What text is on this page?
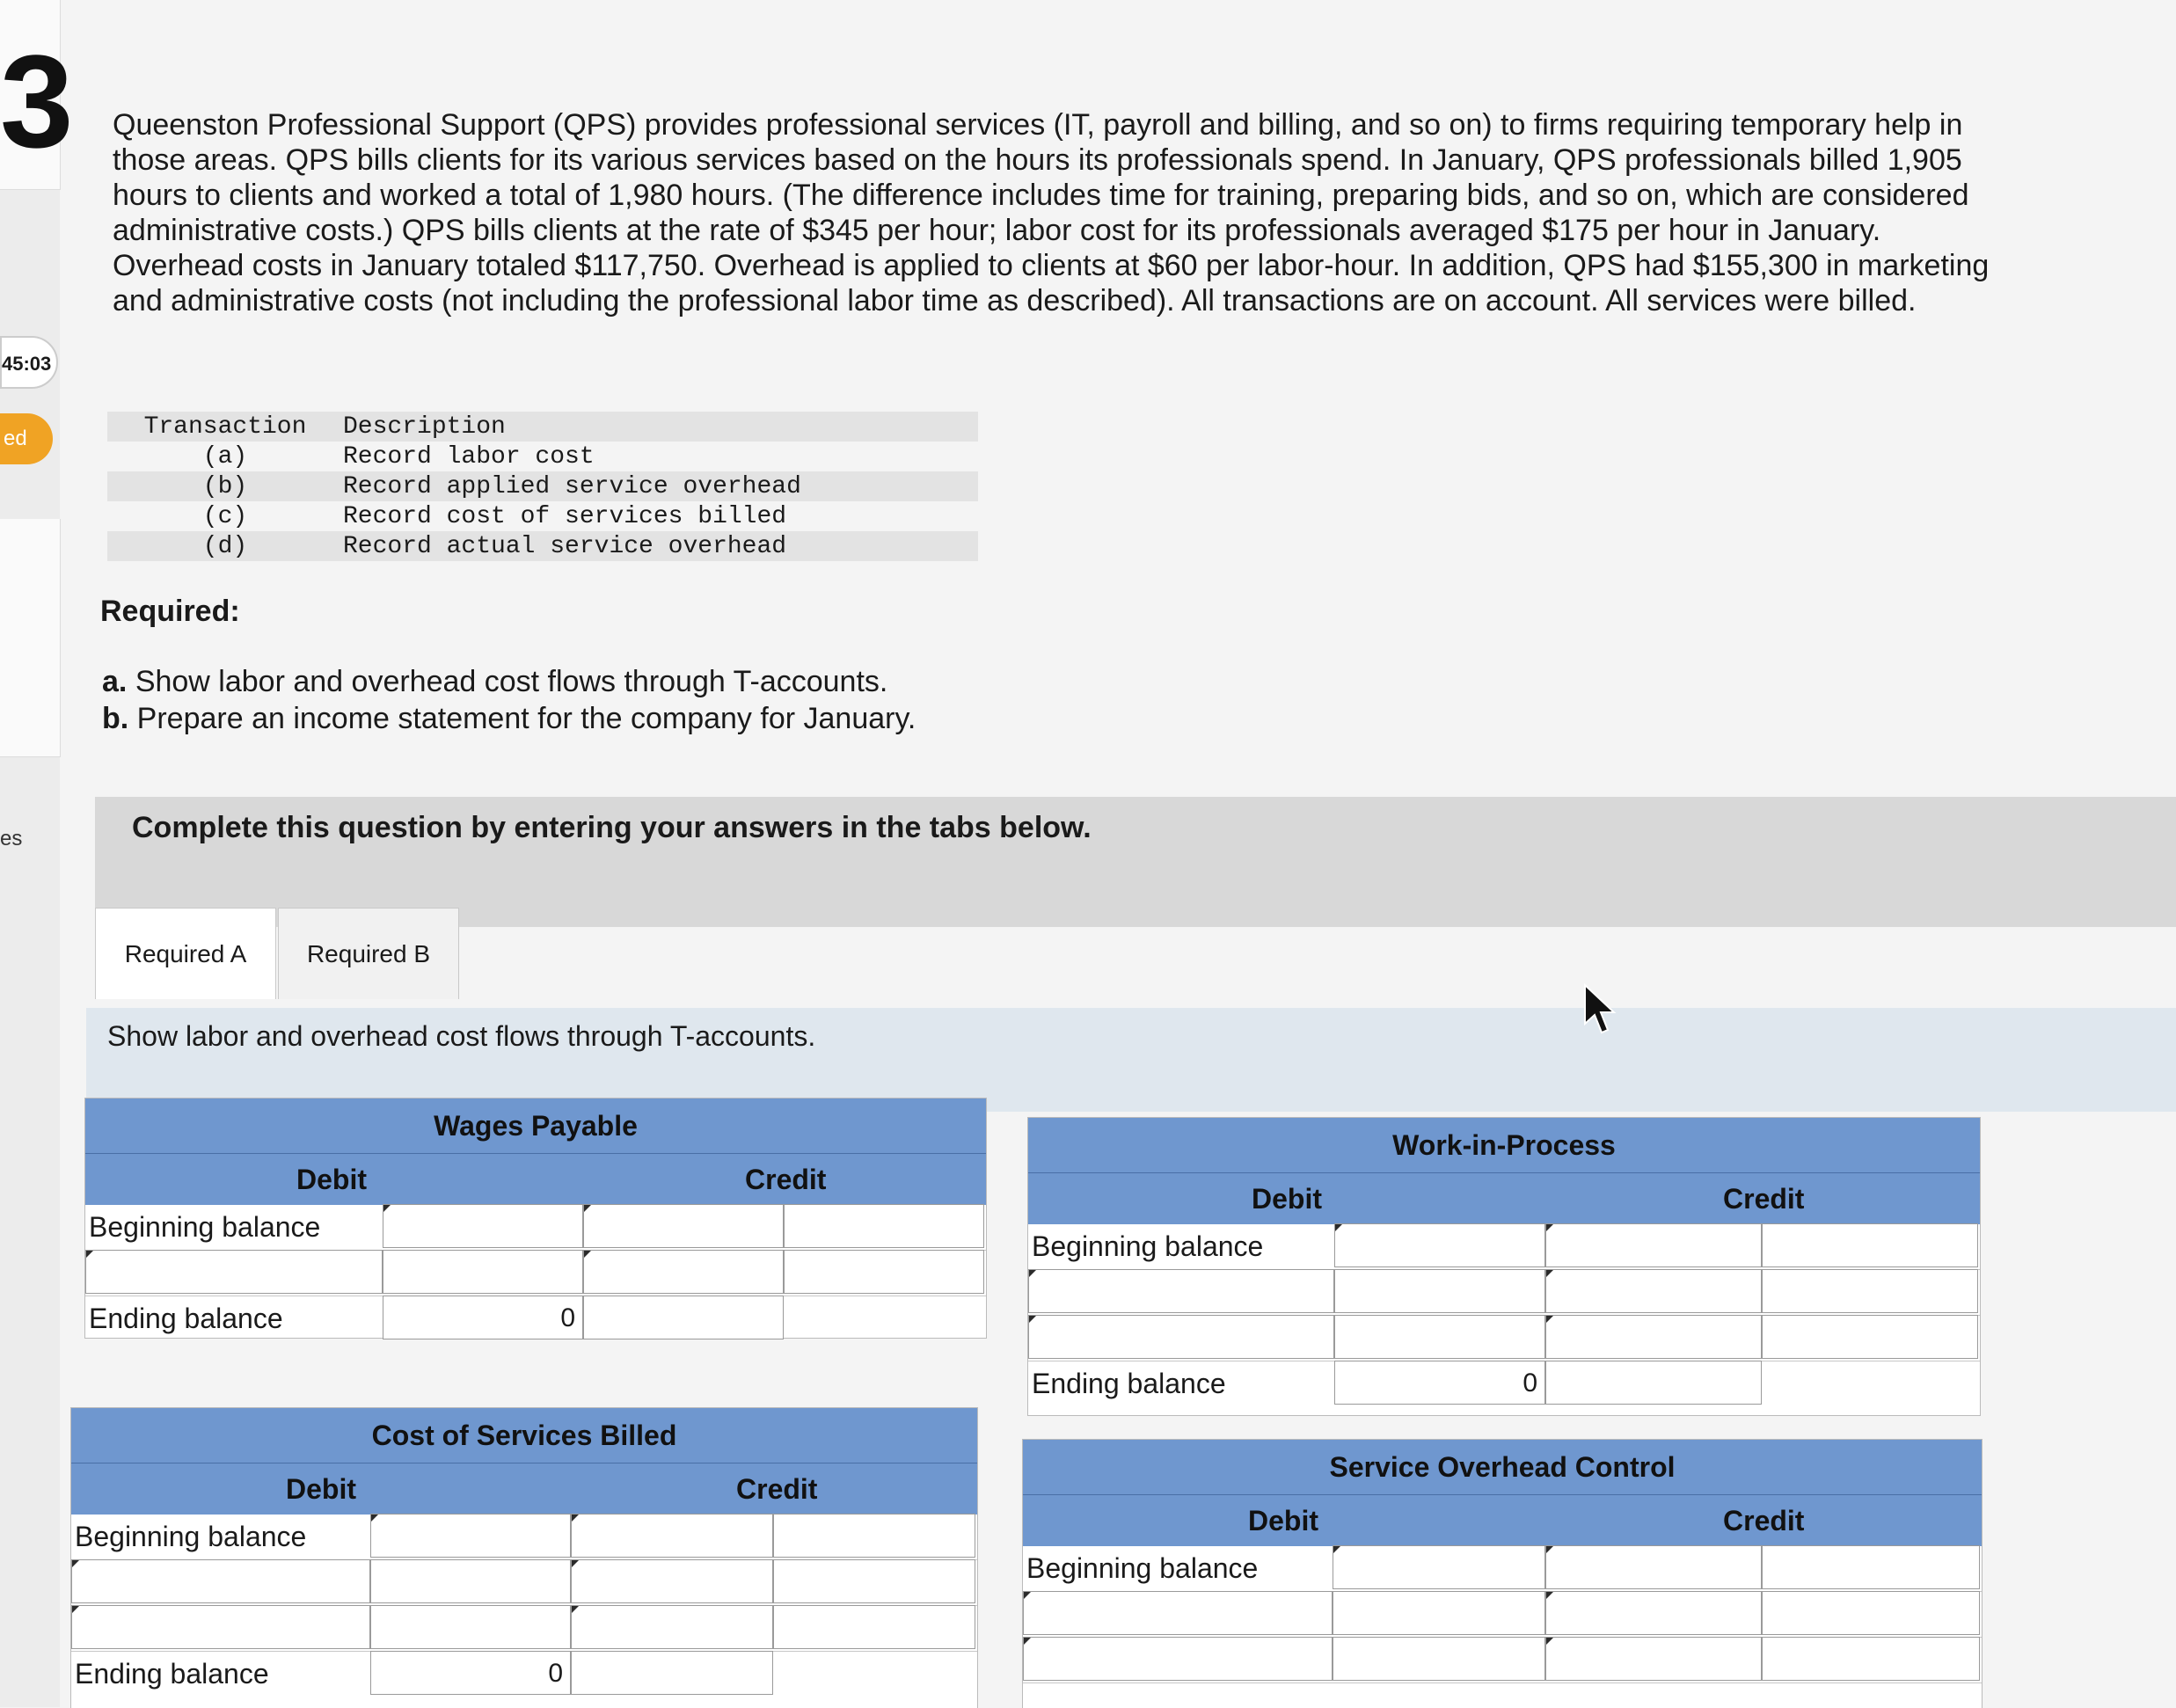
3
45:03
ed
es
Queenston Professional Support (QPS) provides professional services (IT, payroll and billing, and so on) to firms requiring temporary help in those areas. QPS bills clients for its various services based on the hours its professionals spend. In January, QPS professionals billed 1,905 hours to clients and worked a total of 1,980 hours. (The difference includes time for training, preparing bids, and so on, which are considered administrative costs.) QPS bills clients at the rate of $345 per hour; labor cost for its professionals averaged $175 per hour in January. Overhead costs in January totaled $117,750. Overhead is applied to clients at $60 per labor-hour. In addition, QPS had $155,300 in marketing and administrative costs (not including the professional labor time as described). All transactions are on account. All services were billed.
Transaction	Description
(a)	Record labor cost
(b)	Record applied service overhead
(c)	Record cost of services billed
(d)	Record actual service overhead
Required:
a. Show labor and overhead cost flows through T-accounts.
b. Prepare an income statement for the company for January.
Complete this question by entering your answers in the tabs below.
Required A	Required B
Show labor and overhead cost flows through T-accounts.
Wages Payable
Debit	Credit
Beginning balance
Ending balance	0
Work-in-Process
Debit	Credit
Beginning balance
Ending balance	0
Cost of Services Billed
Debit	Credit
Beginning balance
Ending balance	0
Service Overhead Control
Debit	Credit
Beginning balance
